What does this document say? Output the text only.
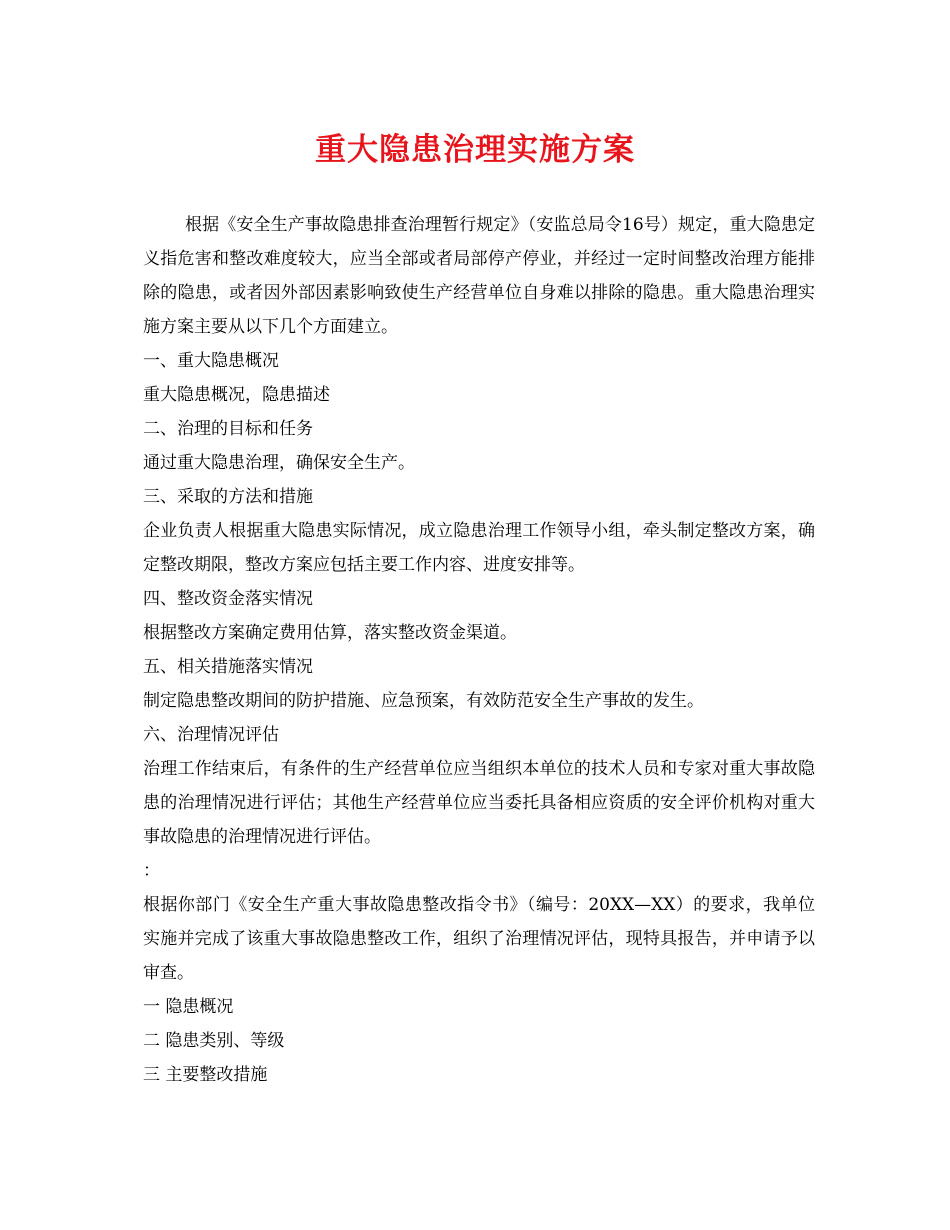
重大隐患治理实施方案

根据《安全生产事故隐患排查治理暂行规定》（安监总局令16号）规定，重大隐患定义指危害和整改难度较大，应当全部或者局部停产停业，并经过一定时间整改治理方能排除的隐患，或者因外部因素影响致使生产经营单位自身难以排除的隐患。重大隐患治理实施方案主要从以下几个方面建立。

一、重大隐患概况

重大隐患概况，隐患描述

二、治理的目标和任务

通过重大隐患治理，确保安全生产。

三、采取的方法和措施

企业负责人根据重大隐患实际情况，成立隐患治理工作领导小组，牵头制定整改方案，确定整改期限，整改方案应包括主要工作内容、进度安排等。

四、整改资金落实情况

根据整改方案确定费用估算，落实整改资金渠道。

五、相关措施落实情况

制定隐患整改期间的防护措施、应急预案，有效防范安全生产事故的发生。

六、治理情况评估

治理工作结束后，有条件的生产经营单位应当组织本单位的技术人员和专家对重大事故隐患的治理情况进行评估；其他生产经营单位应当委托具备相应资质的安全评价机构对重大事故隐患的治理情况进行评估。

：

根据你部门《安全生产重大事故隐患整改指令书》（编号：20XX—XX）的要求，我单位实施并完成了该重大事故隐患整改工作，组织了治理情况评估，现特具报告，并申请予以审查。

一 隐患概况

二 隐患类别、等级

三 主要整改措施
